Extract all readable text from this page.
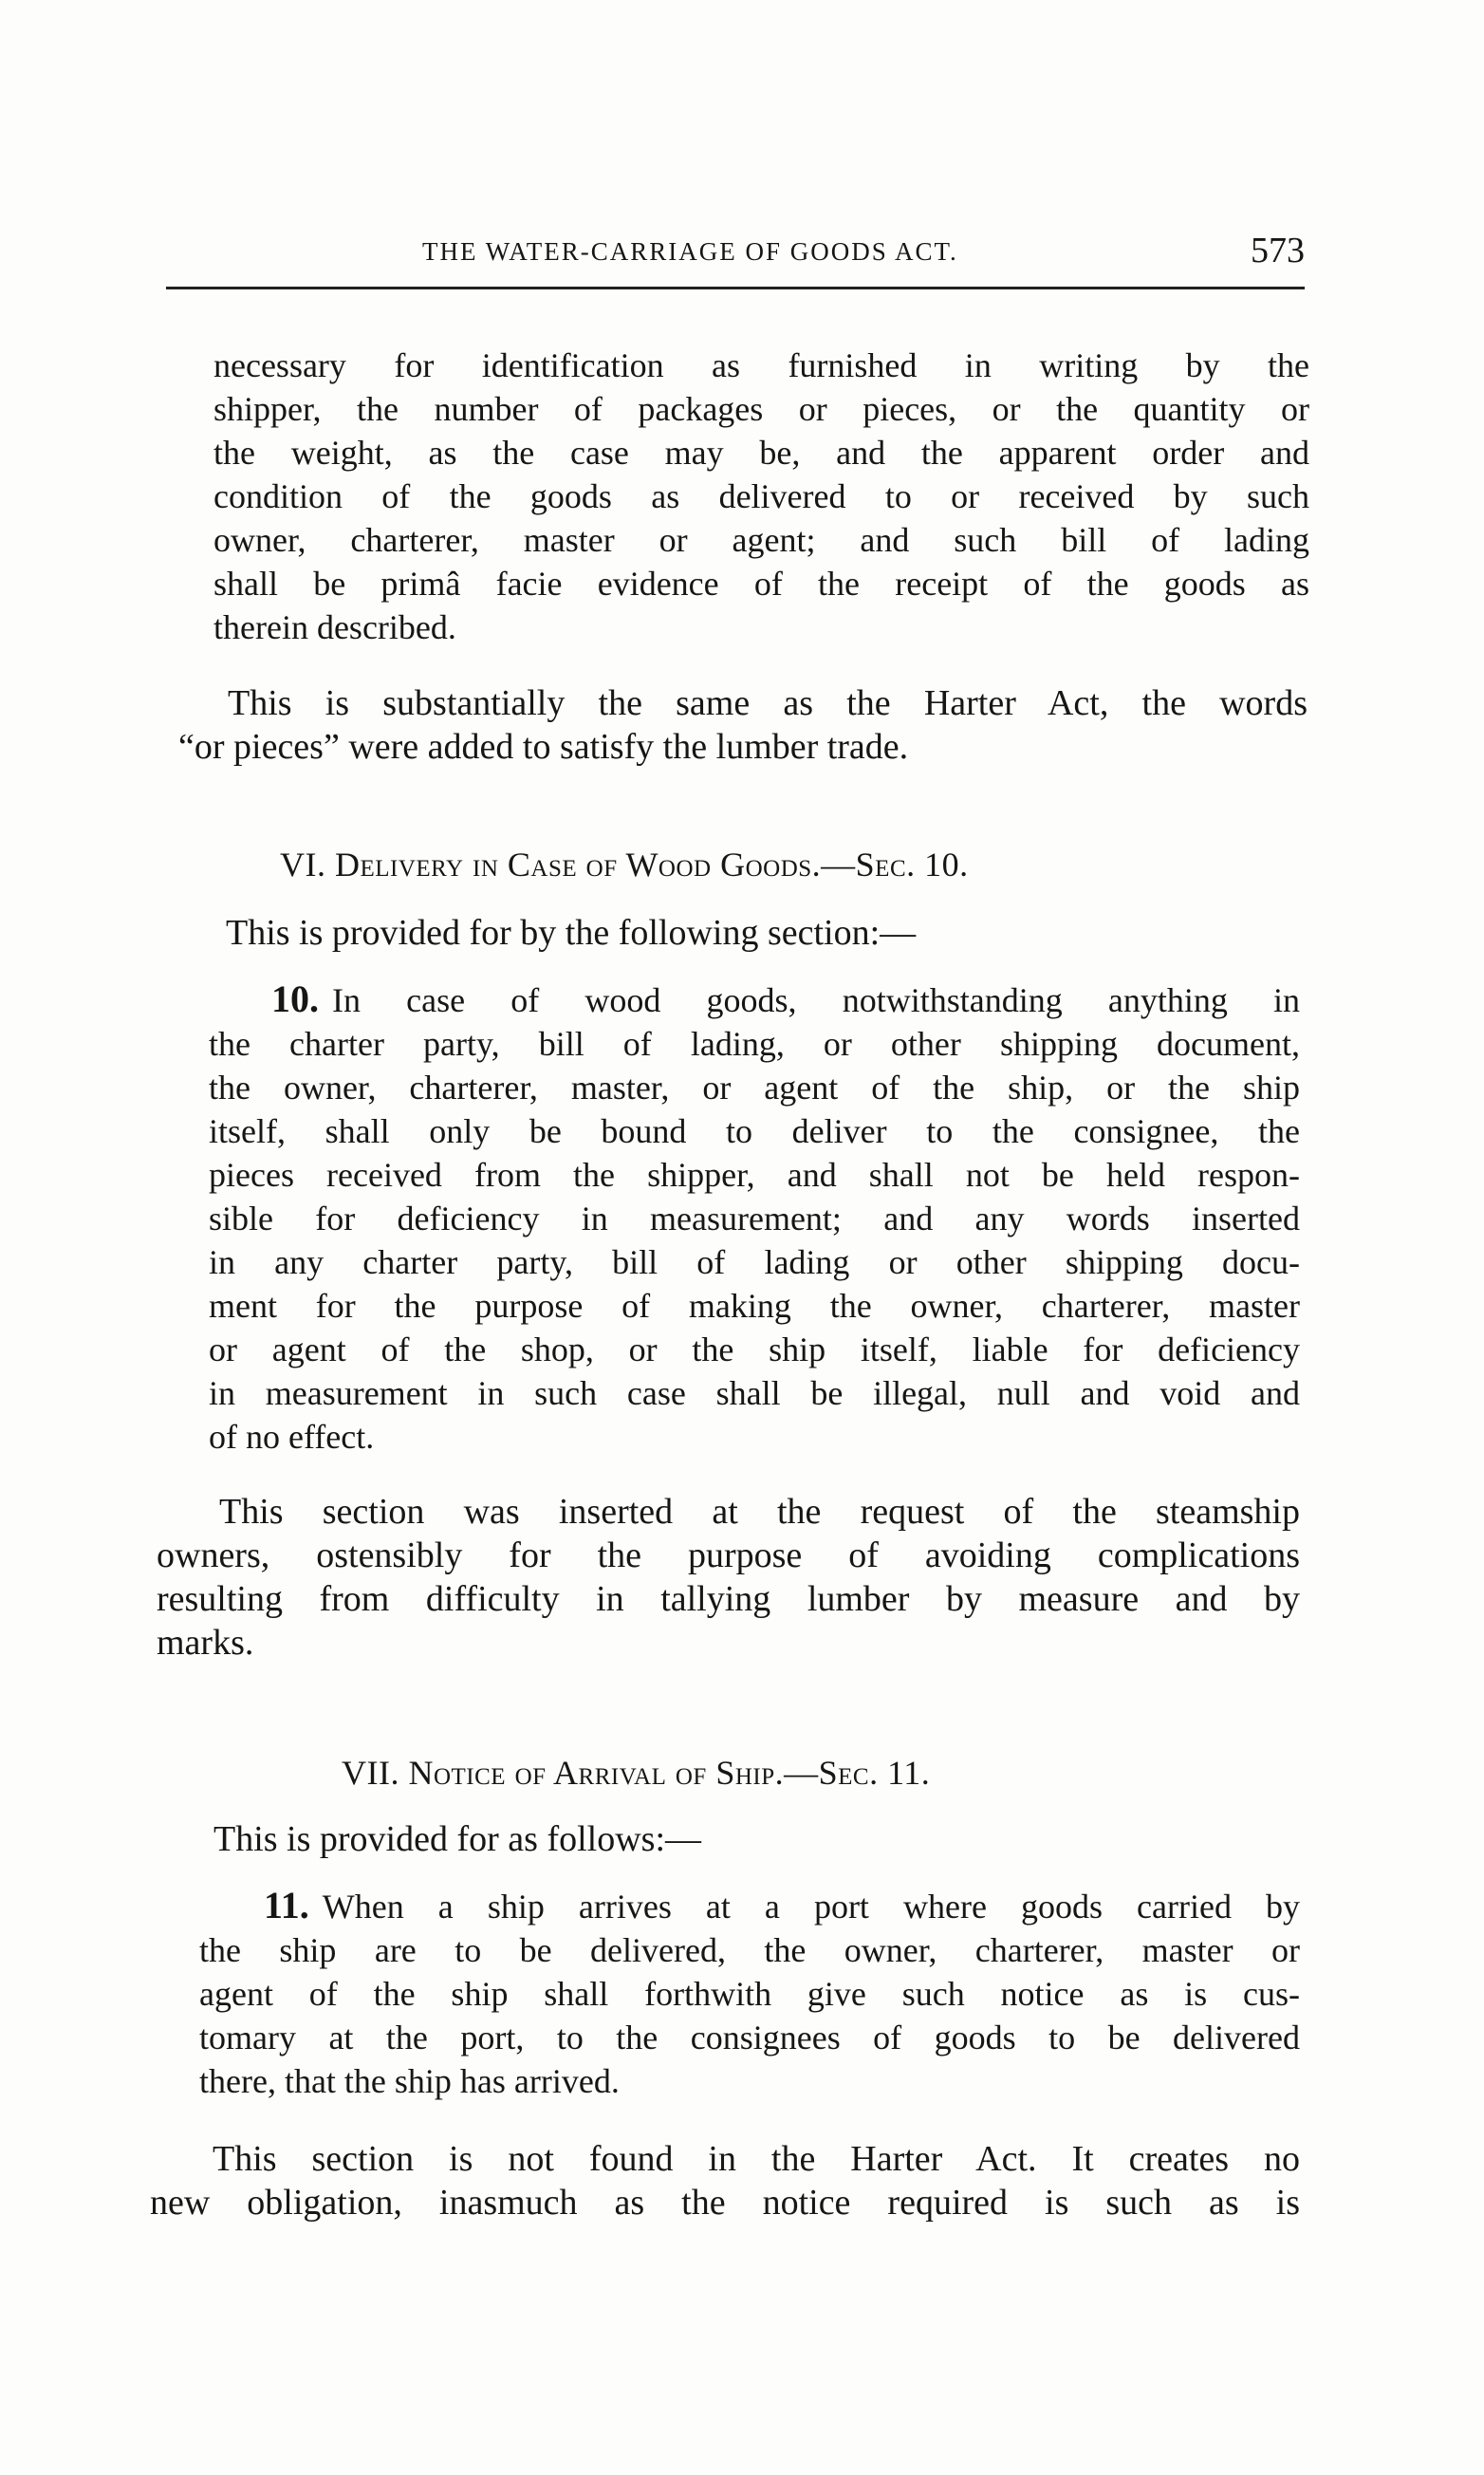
THE WATER-CARRIAGE OF GOODS ACT.	573
necessary for identification as furnished in writing by the
shipper, the number of packages or pieces, or the quantity or
the weight, as the case may be, and the apparent order and
condition of the goods as delivered to or received by such
owner, charterer, master or agent; and such bill of lading
shall be primâ facie evidence of the receipt of the goods as
therein described.
This is substantially the same as the Harter Act, the words
“or pieces” were added to satisfy the lumber trade.
VI. Delivery in Case of Wood Goods.—Sec. 10.
This is provided for by the following section:—
10. In case of wood goods, notwithstanding anything in
the charter party, bill of lading, or other shipping document,
the owner, charterer, master, or agent of the ship, or the ship
itself, shall only be bound to deliver to the consignee, the
pieces received from the shipper, and shall not be held respon-
sible for deficiency in measurement; and any words inserted
in any charter party, bill of lading or other shipping docu-
ment for the purpose of making the owner, charterer, master
or agent of the shop, or the ship itself, liable for deficiency
in measurement in such case shall be illegal, null and void and
of no effect.
This section was inserted at the request of the steamship
owners, ostensibly for the purpose of avoiding complications
resulting from difficulty in tallying lumber by measure and by
marks.
VII. Notice of Arrival of Ship.—Sec. 11.
This is provided for as follows:—
11. When a ship arrives at a port where goods carried by
the ship are to be delivered, the owner, charterer, master or
agent of the ship shall forthwith give such notice as is cus-
tomary at the port, to the consignees of goods to be delivered
there, that the ship has arrived.
This section is not found in the Harter Act. It creates no
new obligation, inasmuch as the notice required is such as is
